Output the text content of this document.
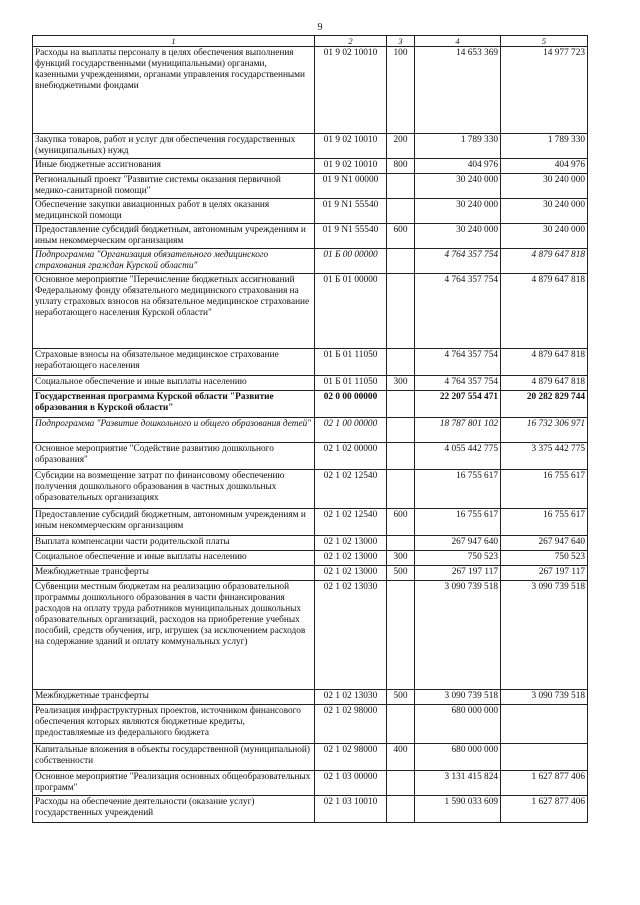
9
1	2	3	4	5
Расходы на выплаты персоналу в целях обеспечения выполнения функций государственными (муниципальными) органами, казенными учреждениями, органами управления государственными внебюджетными фондами	01 9 02 10010	100	14 653 369	14 977 723
Закупка товаров, работ и услуг для обеспечения государственных (муниципальных) нужд	01 9 02 10010	200	1 789 330	1 789 330
Иные бюджетные ассигнования	01 9 02 10010	800	404 976	404 976
Региональный проект "Развитие системы оказания первичной медико-санитарной помощи"	01 9 N1 00000		30 240 000	30 240 000
Обеспечение закупки авиационных работ в целях оказания медицинской помощи	01 9 N1 55540		30 240 000	30 240 000
Предоставление субсидий бюджетным, автономным учреждениям и иным некоммерческим организациям	01 9 N1 55540	600	30 240 000	30 240 000
Подпрограмма "Организация обязательного медицинского страхования граждан Курской области"	01 Б 00 00000		4 764 357 754	4 879 647 818
Основное мероприятие "Перечисление бюджетных ассигнований Федеральному фонду обязательного медицинского страхования на уплату страховых взносов на обязательное медицинское страхование неработающего населения Курской области"	01 Б 01 00000		4 764 357 754	4 879 647 818
Страховые взносы на обязательное медицинское страхование неработающего населения	01 Б 01 11050		4 764 357 754	4 879 647 818
Социальное обеспечение и иные выплаты населению	01 Б 01 11050	300	4 764 357 754	4 879 647 818
Государственная программа Курской области "Развитие образования в Курской области"	02 0 00 00000		22 207 554 471	20 282 829 744
Подпрограмма "Развитие дошкольного и общего образования детей"	02 1 00 00000		18 787 801 102	16 732 306 971
Основное мероприятие "Содействие развитию дошкольного образования"	02 1 02 00000		4 055 442 775	3 375 442 775
Субсидии на возмещение затрат по финансовому обеспечению получения дошкольного образования в частных дошкольных образовательных организациях	02 1 02 12540		16 755 617	16 755 617
Предоставление субсидий бюджетным, автономным учреждениям и иным некоммерческим организациям	02 1 02 12540	600	16 755 617	16 755 617
Выплата компенсации части родительской платы	02 1 02 13000		267 947 640	267 947 640
Социальное обеспечение и иные выплаты населению	02 1 02 13000	300	750 523	750 523
Межбюджетные трансферты	02 1 02 13000	500	267 197 117	267 197 117
Субвенции местным бюджетам на реализацию образовательной программы дошкольного образования в части финансирования расходов на оплату труда работников муниципальных дошкольных образовательных организаций, расходов на приобретение учебных пособий, средств обучения, игр, игрушек (за исключением расходов на содержание зданий и оплату коммунальных услуг)	02 1 02 13030		3 090 739 518	3 090 739 518
Межбюджетные трансферты	02 1 02 13030	500	3 090 739 518	3 090 739 518
Реализация инфраструктурных проектов, источником финансового обеспечения которых являются бюджетные кредиты, предоставляемые из федерального бюджета	02 1 02 98000		680 000 000	
Капитальные вложения в объекты государственной (муниципальной) собственности	02 1 02 98000	400	680 000 000	
Основное мероприятие "Реализация основных общеобразовательных программ"	02 1 03 00000		3 131 415 824	1 627 877 406
Расходы на обеспечение деятельности (оказание услуг) государственных учреждений	02 1 03 10010		1 590 033 609	1 627 877 406
